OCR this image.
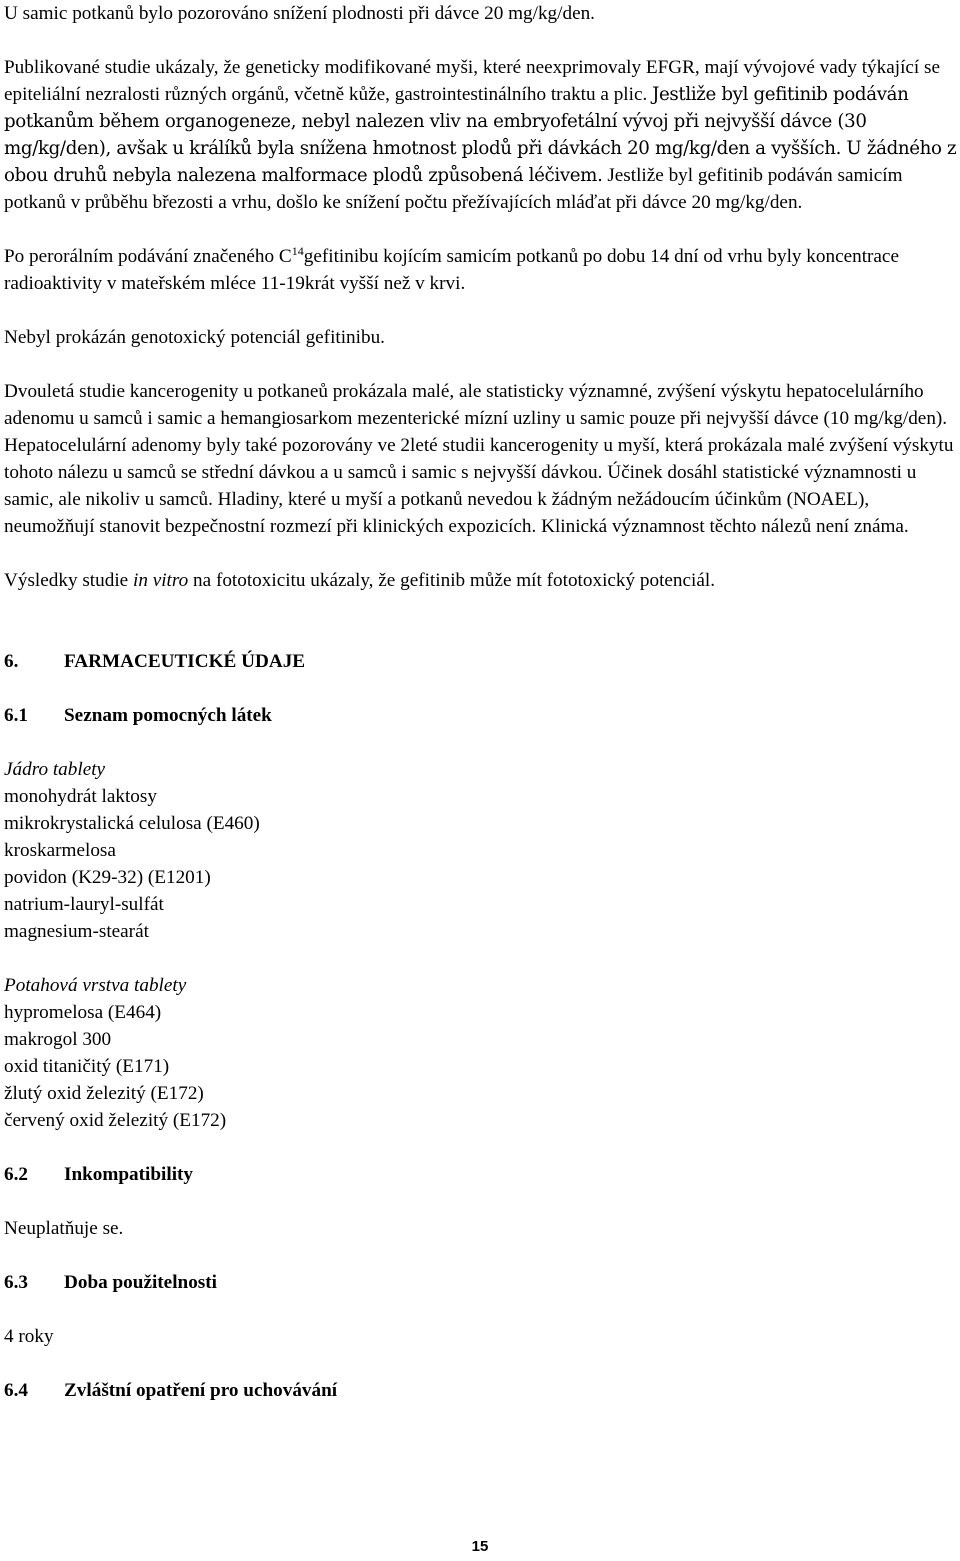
U samic potkanů bylo pozorováno snížení plodnosti při dávce 20 mg/kg/den.

Publikované studie ukázaly, že geneticky modifikované myši, které neexprimovaly EFGR, mají vývojové vady týkající se epiteliální nezralosti různých orgánů, včetně kůže, gastrointestinálního traktu a plic. Jestliže byl gefitinib podáván potkanům během organogeneze, nebyl nalezen vliv na embryofetální vývoj při nejvyšší dávce (30 mg/kg/den), avšak u králíků byla snížena hmotnost plodů při dávkách 20 mg/kg/den a vyšších. U žádného z obou druhů nebyla nalezena malformace plodů způsobená léčivem. Jestliže byl gefitinib podáván samicím potkanů v průběhu březosti a vrhu, došlo ke snížení počtu přežívajících mláďat při dávce 20 mg/kg/den.

Po perorálním podávání značeného $C^{14}gefitinibu$ kojícím samicím potkanů po dobu 14 dní od vrhu byly koncentrace radioaktivity v mateřském mléce 11-19krát vyšší než v krvi.

Nebyl prokázán genotoxický potenciál gefitinibu.

Dvouletá studie kancerogenity u potkaneů prokázala malé, ale statisticky významné, zvýšení výskytu hepatocelulárního adenomu u samců i samic a hemangiosarkom mezenterické mízní uzliny u samic pouze při nejvyšší dávce (10 mg/kg/den). Hepatocelulární adenomy byly také pozorovány ve 2leté studii kancerogenity u myší, která prokázala malé zvýšení výskytu tohoto nálezu u samců se střední dávkou a u samců i samic s nejvyšší dávkou. Účinek dosáhl statistické významnosti u samic, ale nikoliv u samců. Hladiny, které u myší a potkanů nevedou k žádným nežádoucím účinkům (NOAEL), neumožňují stanovit bezpečnostní rozmezí při klinických expozicích. Klinická významnost těchto nálezů není známa.

Výsledky studie in vitro na fototoxicitu ukázaly, že gefitinib může mít fototoxický potenciál.

6.	FARMACEUTICKÉ ÚDAJE

6.1	Seznam pomocných látek

Jádro tablety

monohydrát laktosy
mikrokrystalická celulosa (E460)
kroskarmelosa
povidon (K29-32) (E1201)
natrium-lauryl-sulfát
magnesium-stearát

Potahová vrstva tablety

hypromelosa (E464)
makrogol 300
oxid titaničitý (E171)
žlutý oxid železitý (E172)
červený oxid železitý (E172)

6.2	Inkompatibility

Neuplatňuje se.

6.3	Doba použitelnosti

4 roky

6.4	Zvláštní opatření pro uchovávání

15
